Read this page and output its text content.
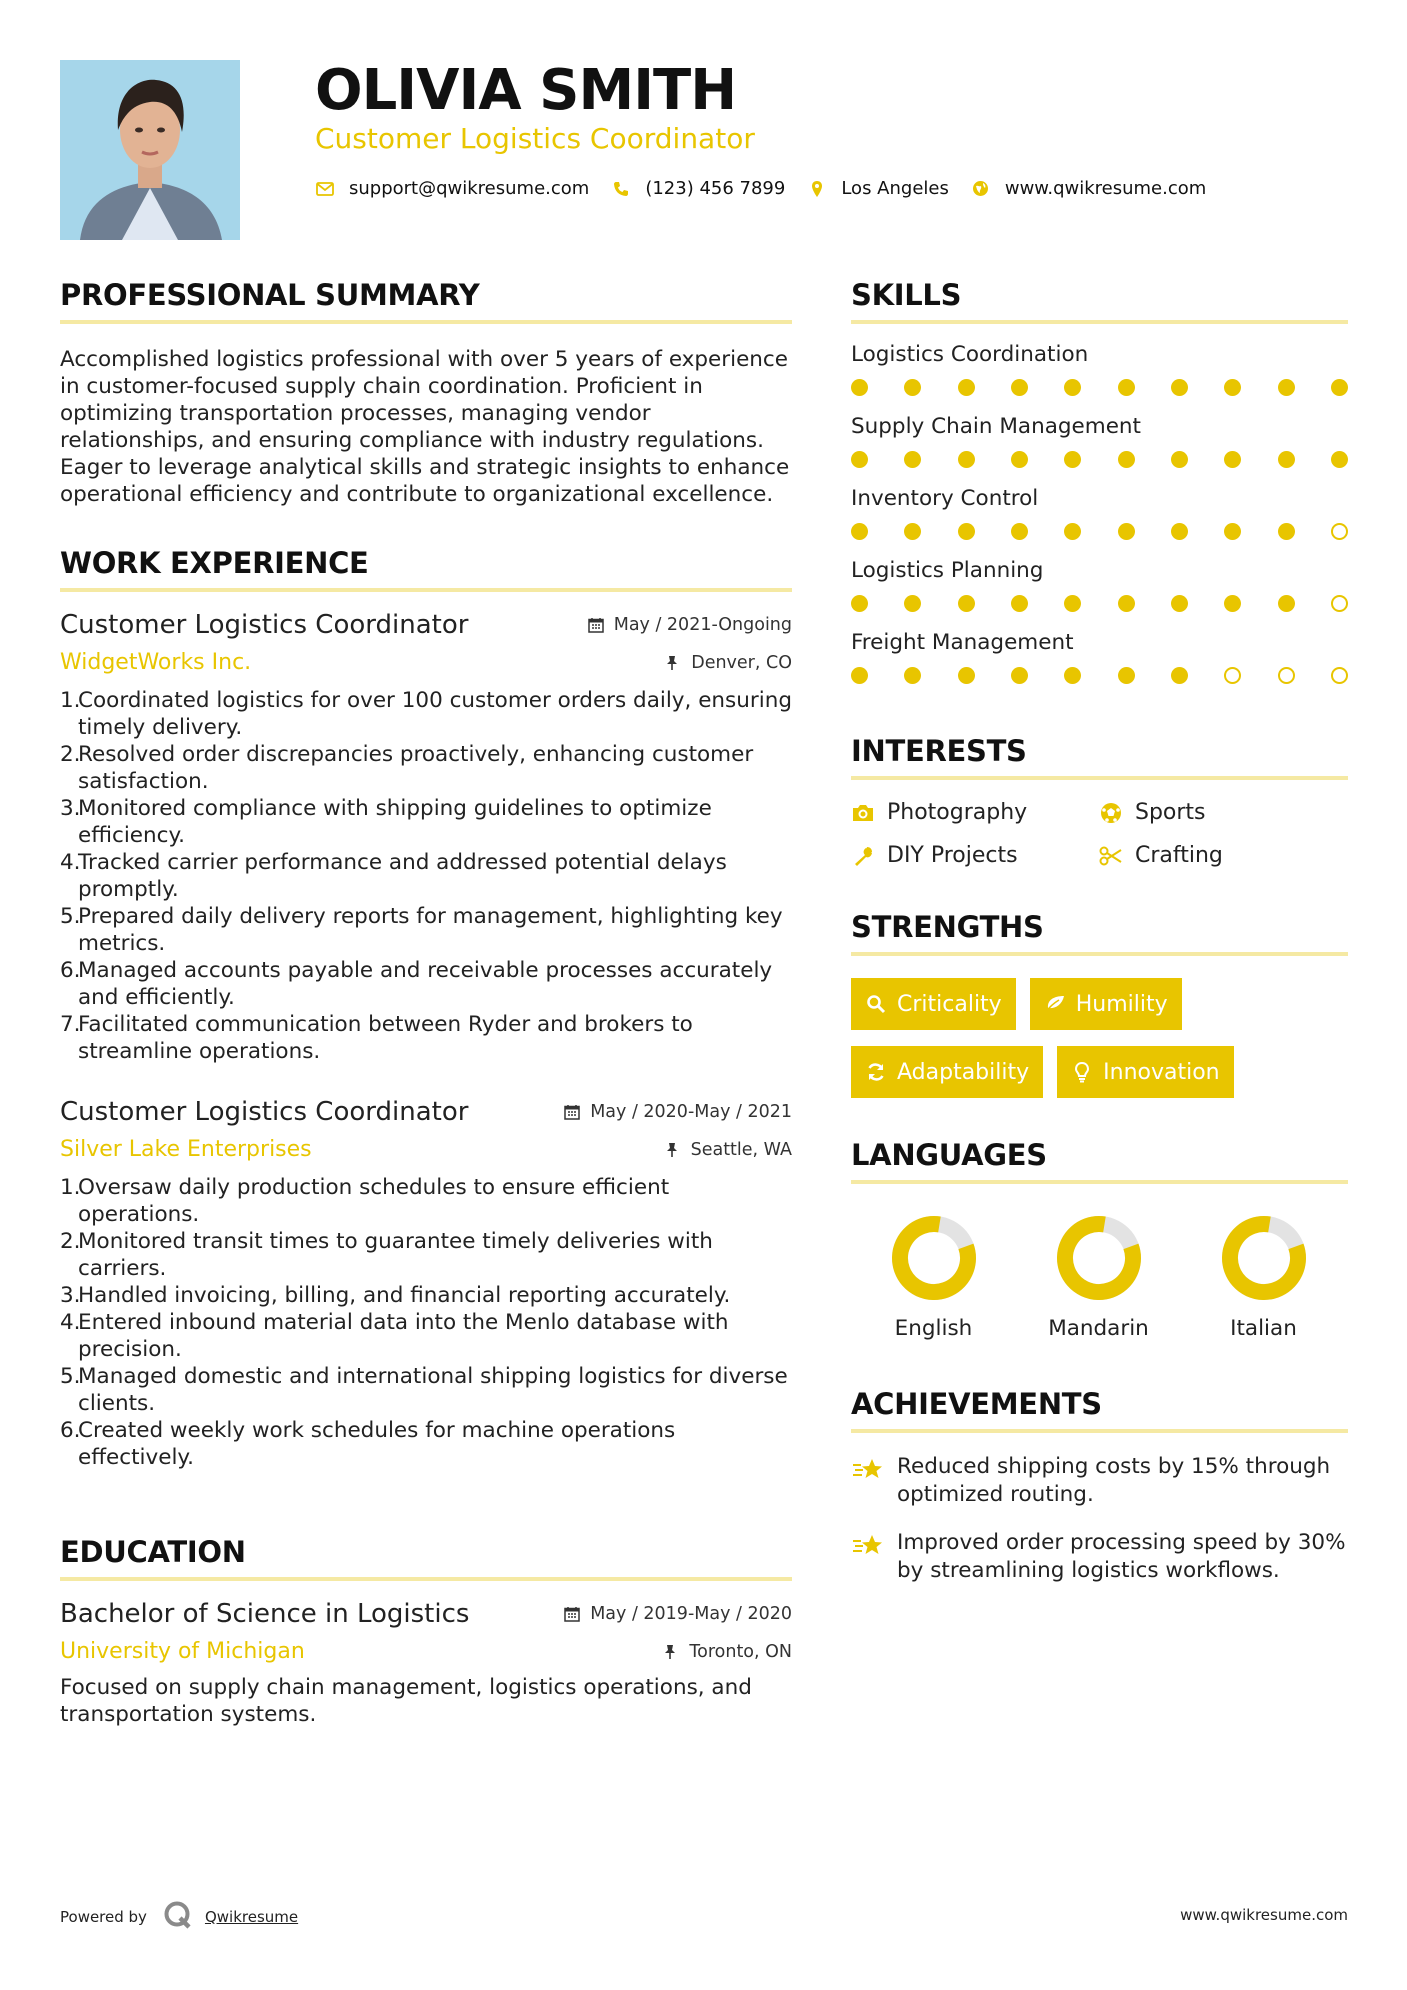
OLIVIA SMITH
Customer Logistics Coordinator
support@qwikresume.com	(123) 456 7899	Los Angeles	www.qwikresume.com
PROFESSIONAL SUMMARY
Accomplished logistics professional with over 5 years of experience in customer-focused supply chain coordination. Proficient in optimizing transportation processes, managing vendor relationships, and ensuring compliance with industry regulations. Eager to leverage analytical skills and strategic insights to enhance operational efficiency and contribute to organizational excellence.
WORK EXPERIENCE
Customer Logistics Coordinator	May / 2021-Ongoing
WidgetWorks Inc.	Denver, CO
1.
Coordinated logistics for over 100 customer orders daily, ensuring timely delivery.
2.
Resolved order discrepancies proactively, enhancing customer satisfaction.
3.
Monitored compliance with shipping guidelines to optimize efficiency.
4.
Tracked carrier performance and addressed potential delays promptly.
5.
Prepared daily delivery reports for management, highlighting key metrics.
6.
Managed accounts payable and receivable processes accurately and efficiently.
7.
Facilitated communication between Ryder and brokers to streamline operations.
Customer Logistics Coordinator	May / 2020-May / 2021
Silver Lake Enterprises	Seattle, WA
1.
Oversaw daily production schedules to ensure efficient operations.
2.
Monitored transit times to guarantee timely deliveries with carriers.
3.
Handled invoicing, billing, and financial reporting accurately.
4.
Entered inbound material data into the Menlo database with precision.
5.
Managed domestic and international shipping logistics for diverse clients.
6.
Created weekly work schedules for machine operations effectively.
EDUCATION
Bachelor of Science in Logistics	May / 2019-May / 2020
University of Michigan	Toronto, ON
Focused on supply chain management, logistics operations, and transportation systems.
SKILLS
Logistics Coordination
Supply Chain Management
Inventory Control
Logistics Planning
Freight Management
INTERESTS
Photography	Sports
DIY Projects	Crafting
STRENGTHS
Criticality	Humility
Adaptability	Innovation
LANGUAGES
English	Mandarin	Italian
ACHIEVEMENTS
Reduced shipping costs by 15% through optimized routing.
Improved order processing speed by 30% by streamlining logistics workflows.
Powered by	Qwikresume	www.qwikresume.com
